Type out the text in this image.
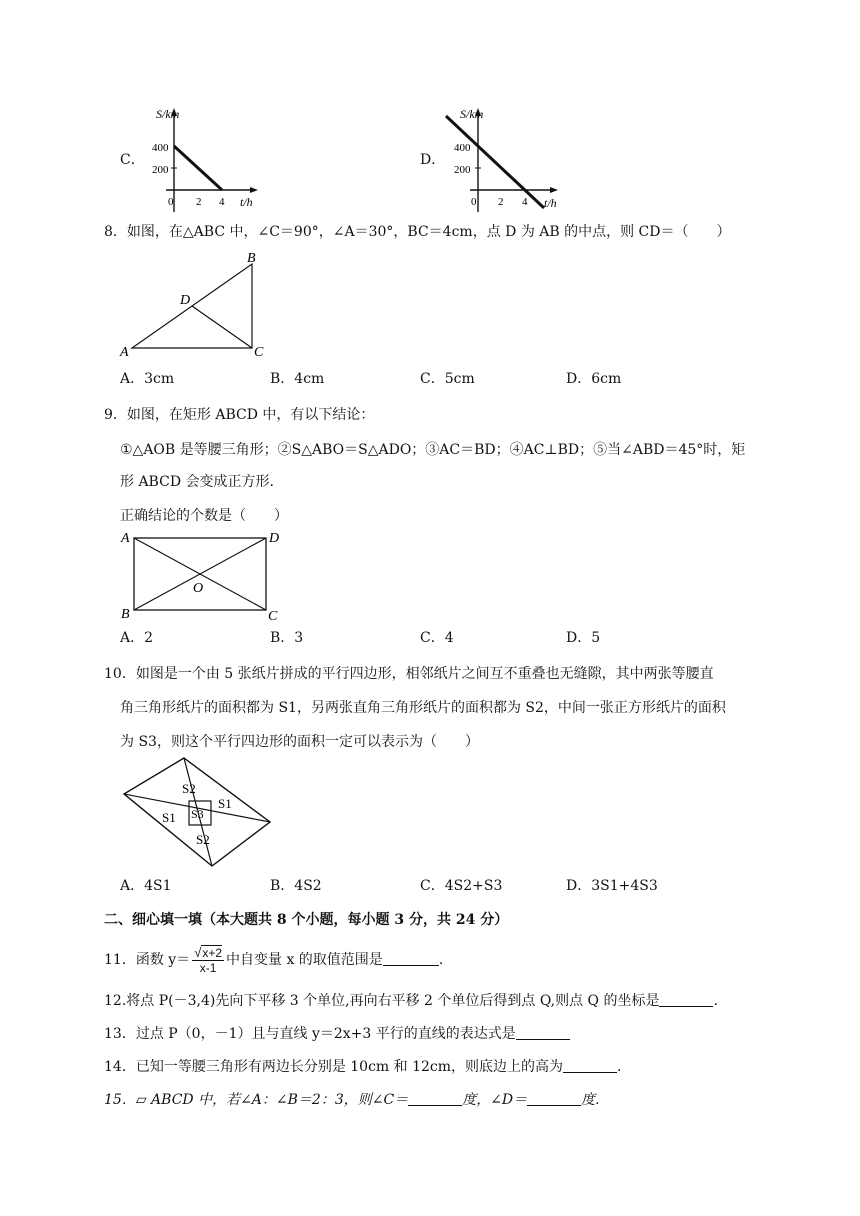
C．
S/km
400
200
0 2 4 t/h
D．
S/km
400
200
0 2 4 t/h
8．如图，在△ABC 中，∠C＝90°，∠A＝30°，BC＝4cm，点 D 为 AB 的中点，则 CD＝（　　）
B
D
A	C
A．3cm	B．4cm	C．5cm	D．6cm
9．如图，在矩形 ABCD 中，有以下结论：
①△AOB 是等腰三角形；②S△ABO＝S△ADO；③AC＝BD；④AC⊥BD；⑤当∠ABD＝45°时，矩
形 ABCD 会变成正方形.
正确结论的个数是（　　）
A	D
O
B	C
A．2	B．3	C．4	D．5
10．如图是一个由 5 张纸片拼成的平行四边形，相邻纸片之间互不重叠也无缝隙，其中两张等腰直
角三角形纸片的面积都为 S1，另两张直角三角形纸片的面积都为 S2，中间一张正方形纸片的面积
为 S3，则这个平行四边形的面积一定可以表示为（　　）
S2
S3
S1
S1
S2
A．4S1	B．4S2	C．4S2+S3	D．3S1+4S3
二、细心填一填（本大题共 8 个小题，每小题 3 分，共 24 分）
11．函数 $y= \frac{√x+2}{x-1}$ 中自变量 x 的取值范围是	.
12.将点 P(－3,4)先向下平移 3 个单位,再向右平移 2 个单位后得到点 Q,则点 Q 的坐标是	.
13．过点 P（0，－1）且与直线 y＝2x+3 平行的直线的表达式是
14．已知一等腰三角形有两边长分别是 10cm 和 12cm，则底边上的高为	.
15．▱ ABCD 中，若∠A：∠B＝2：3，则∠C＝	度，∠D＝	度.
